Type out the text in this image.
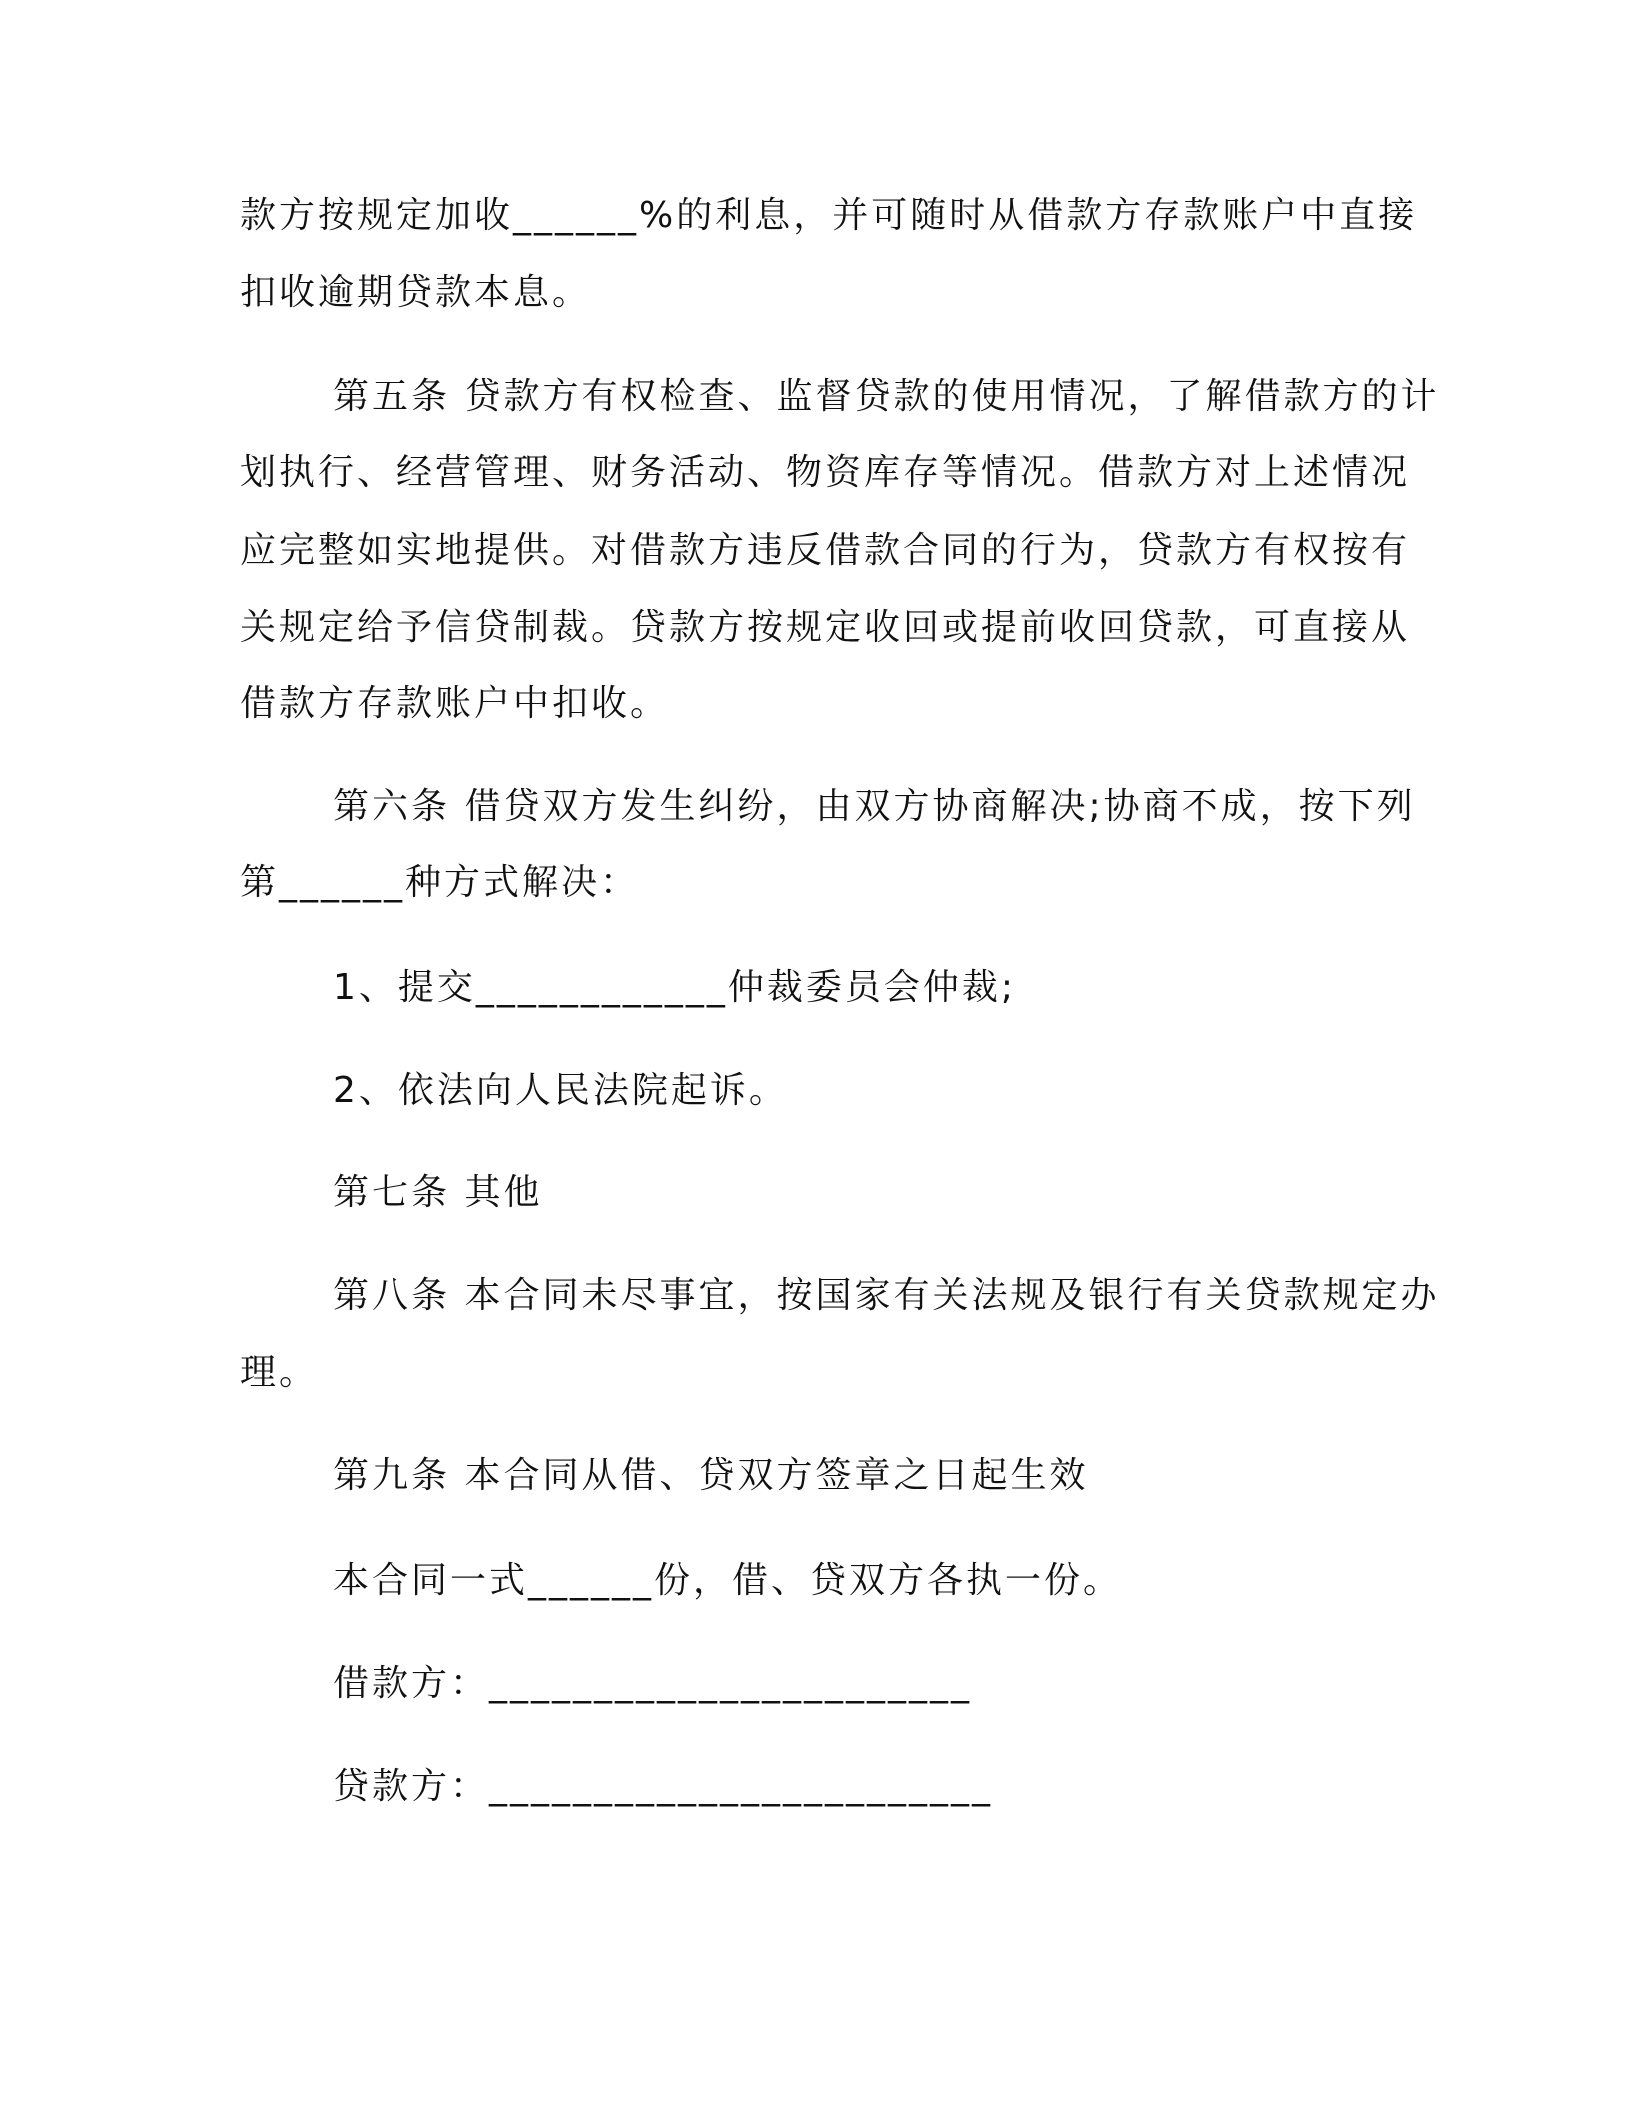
款方按规定加收______%的利息，并可随时从借款方存款账户中直接
扣收逾期贷款本息。
第五条 贷款方有权检查、监督贷款的使用情况，了解借款方的计
划执行、经营管理、财务活动、物资库存等情况。借款方对上述情况
应完整如实地提供。对借款方违反借款合同的行为，贷款方有权按有
关规定给予信贷制裁。贷款方按规定收回或提前收回贷款，可直接从
借款方存款账户中扣收。
第六条 借贷双方发生纠纷，由双方协商解决;协商不成，按下列
第______种方式解决：
1、提交____________仲裁委员会仲裁;
2、依法向人民法院起诉。
第七条 其他
第八条 本合同未尽事宜，按国家有关法规及银行有关贷款规定办
理。
第九条 本合同从借、贷双方签章之日起生效
本合同一式______份，借、贷双方各执一份。
借款方：_______________________
贷款方：________________________
